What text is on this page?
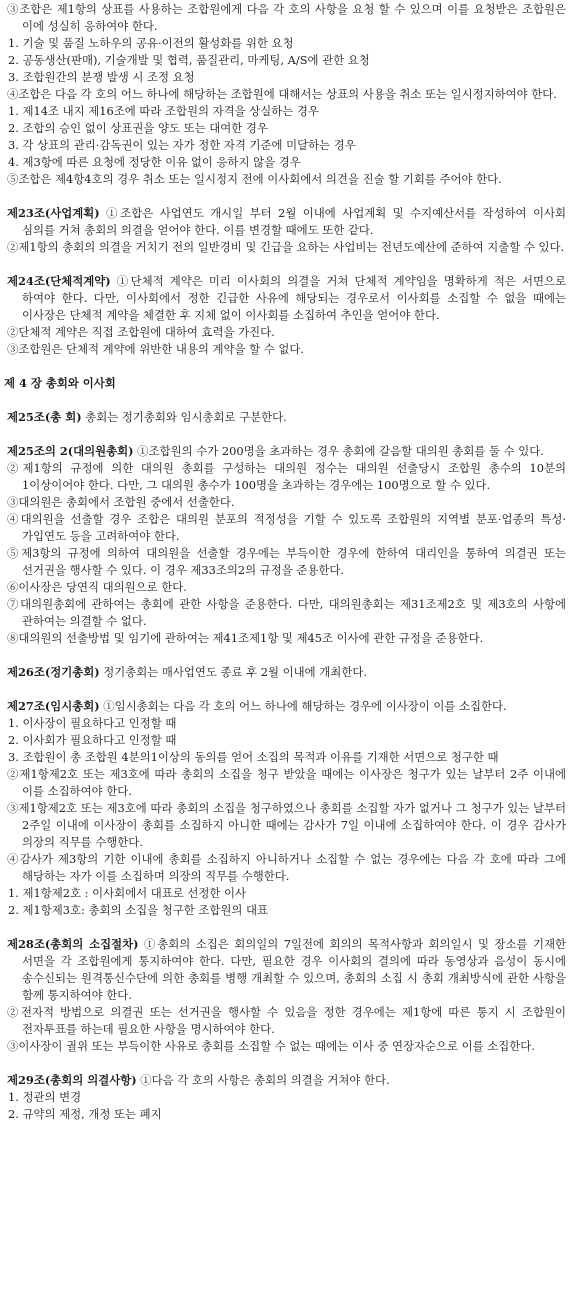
③조합은 제1항의 상표를 사용하는 조합원에게 다음 각 호의 사항을 요청 할 수 있으며 이를 요청받은 조합원은 이에 성실히 응하여야 한다.

1. 기술 및 품질 노하우의 공유·이전의 활성화를 위한 요청

2. 공동생산(판매), 기술개발 및 협력, 품질관리, 마케팅, A/S에 관한 요청

3. 조합원간의 분쟁 발생 시 조정 요청

④조합은 다음 각 호의 어느 하나에 해당하는 조합원에 대해서는 상표의 사용을 취소 또는 일시정지하여야 한다.

1. 제14조 내지 제16조에 따라 조합원의 자격을 상실하는 경우

2. 조합의 승인 없이 상표권을 양도 또는 대여한 경우

3. 각 상표의 관리·감독권이 있는 자가 정한 자격 기준에 미달하는 경우

4. 제3항에 따른 요청에 정당한 이유 없이 응하지 않을 경우

⑤조합은 제4항4호의 경우 취소 또는 일시정지 전에 이사회에서 의견을 진술 할 기회를 주어야 한다.

제23조(사업계획) ①조합은 사업연도 개시일 부터 2월 이내에 사업계획 및 수지예산서를 작성하여 이사회 심의를 거쳐 총회의 의결을 얻어야 한다. 이를 변경할 때에도 또한 같다.

②제1항의 총회의 의결을 거치기 전의 일반경비 및 긴급을 요하는 사업비는 전년도예산에 준하여 지출할 수 있다.

제24조(단체적계약) ①단체적 계약은 미리 이사회의 의결을 거쳐 단체적 계약임을 명확하게 적은 서면으로 하여야 한다. 다만, 이사회에서 정한 긴급한 사유에 해당되는 경우로서 이사회를 소집할 수 없을 때에는 이사장은 단체적 계약을 체결한 후 지체 없이 이사회를 소집하여 추인을 얻어야 한다.

②단체적 계약은 직접 조합원에 대하여 효력을 가진다.

③조합원은 단체적 계약에 위반한 내용의 계약을 할 수 없다.

제 4 장 총회와 이사회

제25조(총 회) 총회는 정기총회와 임시총회로 구분한다.

제25조의 2(대의원총회) ①조합원의 수가 200명을 초과하는 경우 총회에 갈음할 대의원 총회를 둘 수 있다.

②제1항의 규정에 의한 대의원 총회를 구성하는 대의원 정수는 대의원 선출당시 조합원 총수의 10분의 1이상이어야 한다. 다만, 그 대의원 총수가 100명을 초과하는 경우에는 100명으로 할 수 있다.

③대의원은 총회에서 조합원 중에서 선출한다.

④대의원을 선출할 경우 조합은 대의원 분포의 적정성을 기할 수 있도록 조합원의 지역별 분포·업종의 특성·가입연도 등을 고려하여야 한다.

⑤제3항의 규정에 의하여 대의원을 선출할 경우에는 부득이한 경우에 한하여 대리인을 통하여 의결권 또는 선거권을 행사할 수 있다. 이 경우 제33조의2의 규정을 준용한다.

⑥이사장은 당연직 대의원으로 한다.

⑦대의원총회에 관하여는 총회에 관한 사항을 준용한다. 다만, 대의원총회는 제31조제2호 및 제3호의 사항에 관하여는 의결할 수 없다.

⑧대의원의 선출방법 및 임기에 관하여는 제41조제1항 및 제45조 이사에 관한 규정을 준용한다.

제26조(정기총회) 정기총회는 매사업연도 종료 후 2월 이내에 개최한다.

제27조(임시총회) ①임시총회는 다음 각 호의 어느 하나에 해당하는 경우에 이사장이 이를 소집한다.

1. 이사장이 필요하다고 인정할 때

2. 이사회가 필요하다고 인정할 때

3. 조합원이 총 조합원 4분의1이상의 동의를 얻어 소집의 목적과 이유를 기재한 서면으로 청구한 때

②제1항제2호 또는 제3호에 따라 총회의 소집을 청구 받았을 때에는 이사장은 청구가 있는 날부터 2주 이내에 이를 소집하여야 한다.

③제1항제2호 또는 제3호에 따라 총회의 소집을 청구하였으나 총회를 소집할 자가 없거나 그 청구가 있는 날부터 2주일 이내에 이사장이 총회를 소집하지 아니한 때에는 감사가 7일 이내에 소집하여야 한다. 이 경우 감사가 의장의 직무를 수행한다.

④감사가 제3항의 기한 이내에 총회를 소집하지 아니하거나 소집할 수 없는 경우에는 다음 각 호에 따라 그에 해당하는 자가 이를 소집하며 의장의 직무를 수행한다.

1. 제1항제2호 : 이사회에서 대표로 선정한 이사

2. 제1항제3호: 총회의 소집을 청구한 조합원의 대표

제28조(총회의 소집절차) ①총회의 소집은 회의일의 7일전에 회의의 목적사항과 회의일시 및 장소를 기재한 서면을 각 조합원에게 통지하여야 한다. 다만, 필요한 경우 이사회의 결의에 따라 동영상과 음성이 동시에 송수신되는 원격통신수단에 의한 총회를 병행 개최할 수 있으며, 총회의 소집 시 총회 개최방식에 관한 사항을 함께 통지하여야 한다.

②전자적 방법으로 의결권 또는 선거권을 행사할 수 있음을 정한 경우에는 제1항에 따른 통지 시 조합원이 전자투표를 하는데 필요한 사항을 명시하여야 한다.

③이사장이 궐위 또는 부득이한 사유로 총회를 소집할 수 없는 때에는 이사 중 연장자순으로 이를 소집한다.

제29조(총회의 의결사항) ①다음 각 호의 사항은 총회의 의결을 거쳐야 한다.

1. 정관의 변경

2. 규약의 제정, 개정 또는 폐지
